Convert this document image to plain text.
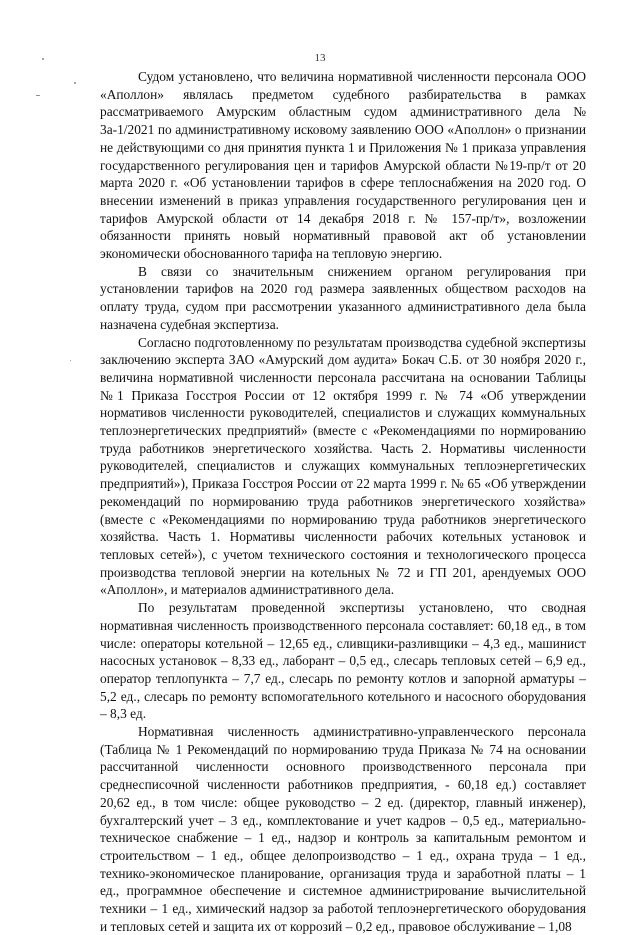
13

Судом установлено, что величина нормативной численности персонала ООО «Аполлон» являлась предметом судебного разбирательства в рамках рассматриваемого Амурским областным судом административного дела № 3а-1/2021 по административному исковому заявлению ООО «Аполлон» о признании не действующими со дня принятия пункта 1 и Приложения № 1 приказа управления государственного регулирования цен и тарифов Амурской области №19-пр/т от 20 марта 2020 г. «Об установлении тарифов в сфере теплоснабжения на 2020 год. О внесении изменений в приказ управления государственного регулирования цен и тарифов Амурской области от 14 декабря 2018 г. № 157-пр/т», возложении обязанности принять новый нормативный правовой акт об установлении экономически обоснованного тарифа на тепловую энергию.

В связи со значительным снижением органом регулирования при установлении тарифов на 2020 год размера заявленных обществом расходов на оплату труда, судом при рассмотрении указанного административного дела была назначена судебная экспертиза.

Согласно подготовленному по результатам производства судебной экспертизы заключению эксперта ЗАО «Амурский дом аудита» Бокач С.Б. от 30 ноября 2020 г., величина нормативной численности персонала рассчитана на основании Таблицы №1 Приказа Госстроя России от 12 октября 1999 г. № 74 «Об утверждении нормативов численности руководителей, специалистов и служащих коммунальных теплоэнергетических предприятий» (вместе с «Рекомендациями по нормированию труда работников энергетического хозяйства. Часть 2. Нормативы численности руководителей, специалистов и служащих коммунальных теплоэнергетических предприятий»), Приказа Госстроя России от 22 марта 1999 г. № 65 «Об утверждении рекомендаций по нормированию труда работников энергетического хозяйства» (вместе с «Рекомендациями по нормированию труда работников энергетического хозяйства. Часть 1. Нормативы численности рабочих котельных установок и тепловых сетей»), с учетом технического состояния и технологического процесса производства тепловой энергии на котельных № 72 и ГП 201, арендуемых ООО «Аполлон», и материалов административного дела.

По результатам проведенной экспертизы установлено, что сводная нормативная численность производственного персонала составляет: 60,18 ед., в том числе: операторы котельной – 12,65 ед., сливщики-разливщики – 4,3 ед., машинист насосных установок – 8,33 ед., лаборант – 0,5 ед., слесарь тепловых сетей – 6,9 ед., оператор теплопункта – 7,7 ед., слесарь по ремонту котлов и запорной арматуры – 5,2 ед., слесарь по ремонту вспомогательного котельного и насосного оборудования – 8,3 ед.

Нормативная численность административно-управленческого персонала (Таблица № 1 Рекомендаций по нормированию труда Приказа № 74 на основании рассчитанной численности основного производственного персонала при среднесписочной численности работников предприятия, - 60,18 ед.) составляет 20,62 ед., в том числе: общее руководство – 2 ед. (директор, главный инженер), бухгалтерский учет – 3 ед., комплектование и учет кадров – 0,5 ед., материально-техническое снабжение – 1 ед., надзор и контроль за капитальным ремонтом и строительством – 1 ед., общее делопроизводство – 1 ед., охрана труда – 1 ед., технико-экономическое планирование, организация труда и заработной платы – 1 ед., программное обеспечение и системное администрирование вычислительной техники – 1 ед., химический надзор за работой теплоэнергетического оборудования и тепловых сетей и защита их от коррозий – 0,2 ед., правовое обслуживание – 1,08
